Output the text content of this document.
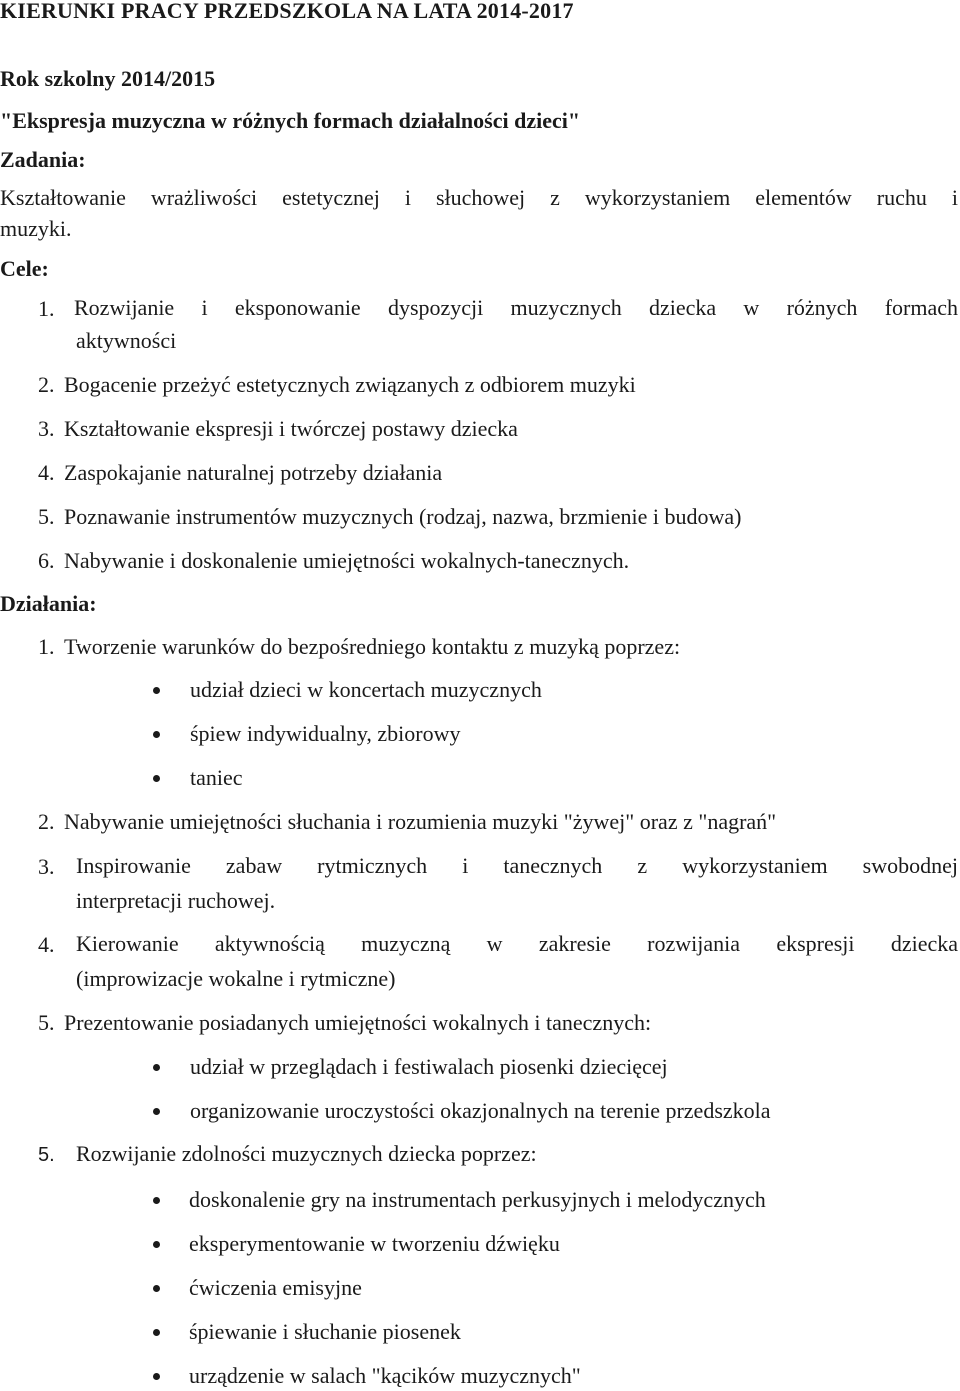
KIERUNKI PRACY PRZEDSZKOLA NA LATA 2014-2017
Rok szkolny 2014/2015
"Ekspresja muzyczna w różnych formach działalności dzieci"
Zadania:
Kształtowanie wrażliwości estetycznej i słuchowej z wykorzystaniem elementów ruchu i
muzyki.
Cele:
1. Rozwijanie i eksponowanie dyspozycji muzycznych dziecka w różnych formach
aktywności
2. Bogacenie przeżyć estetycznych związanych z odbiorem muzyki
3. Kształtowanie ekspresji i twórczej postawy dziecka
4. Zaspokajanie naturalnej potrzeby działania
5. Poznawanie instrumentów muzycznych (rodzaj, nazwa, brzmienie i budowa)
6. Nabywanie i doskonalenie umiejętności wokalnych-tanecznych.
Działania:
1. Tworzenie warunków do bezpośredniego kontaktu z muzyką poprzez:
udział dzieci w koncertach muzycznych
śpiew indywidualny, zbiorowy
taniec
2. Nabywanie umiejętności słuchania i rozumienia muzyki "żywej" oraz z "nagrań"
3. Inspirowanie zabaw rytmicznych i tanecznych z wykorzystaniem swobodnej
interpretacji ruchowej.
4. Kierowanie aktywnością muzyczną w zakresie rozwijania ekspresji dziecka
(improwizacje wokalne i rytmiczne)
5. Prezentowanie posiadanych umiejętności wokalnych i tanecznych:
udział w przeglądach i festiwalach piosenki dziecięcej
organizowanie uroczystości okazjonalnych na terenie przedszkola
5. Rozwijanie zdolności muzycznych dziecka poprzez:
doskonalenie gry na instrumentach perkusyjnych i melodycznych
eksperymentowanie w tworzeniu dźwięku
ćwiczenia emisyjne
śpiewanie i słuchanie piosenek
urządzenie w salach "kącików muzycznych"
